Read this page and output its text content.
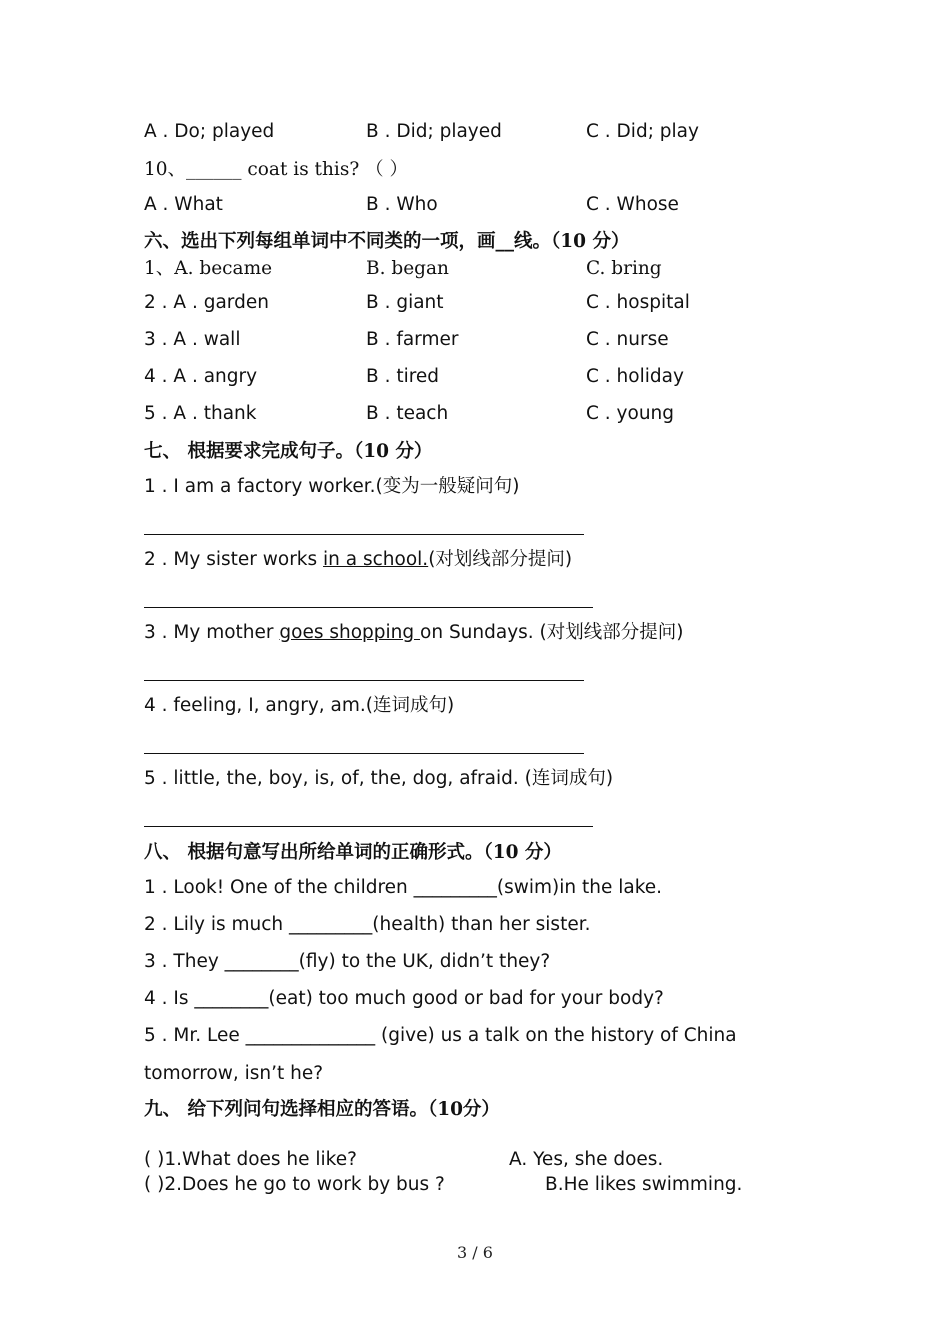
A . Do; played	B . Did; played	C . Did; play
10、______ coat is this? （ ）
A . What	B . Who	C . Whose
六、选出下列每组单词中不同类的一项，画__线。（10 分）
1、A. became	B. began	C. bring
2 . A . garden	B . giant	C . hospital
3 . A . wall	B . farmer	C . nurse
4 . A . angry	B . tired	C . holiday
5 . A . thank	B . teach	C . young
七、 根据要求完成句子。（10 分）
1 . I am a factory worker.(变为一般疑问句)
2 . My sister works in a school.(对划线部分提问)
3 . My mother goes shopping on Sundays. (对划线部分提问)
4 . feeling, I, angry, am.(连词成句)
5 . little, the, boy, is, of, the, dog, afraid. (连词成句)
八、 根据句意写出所给单词的正确形式。（10 分）
1 . Look! One of the children _________(swim)in the lake.
2 . Lily is much _________(health) than her sister.
3 . They ________(fly) to the UK, didn’t they?
4 . Is ________(eat) too much good or bad for your body?
5 . Mr. Lee ______________ (give) us a talk on the history of China
tomorrow, isn’t he?
九、 给下列问句选择相应的答语。（10分）
( )1.What does he like?	A. Yes, she does.
( )2.Does he go to work by bus ?	B.He likes swimming.
3 / 6
